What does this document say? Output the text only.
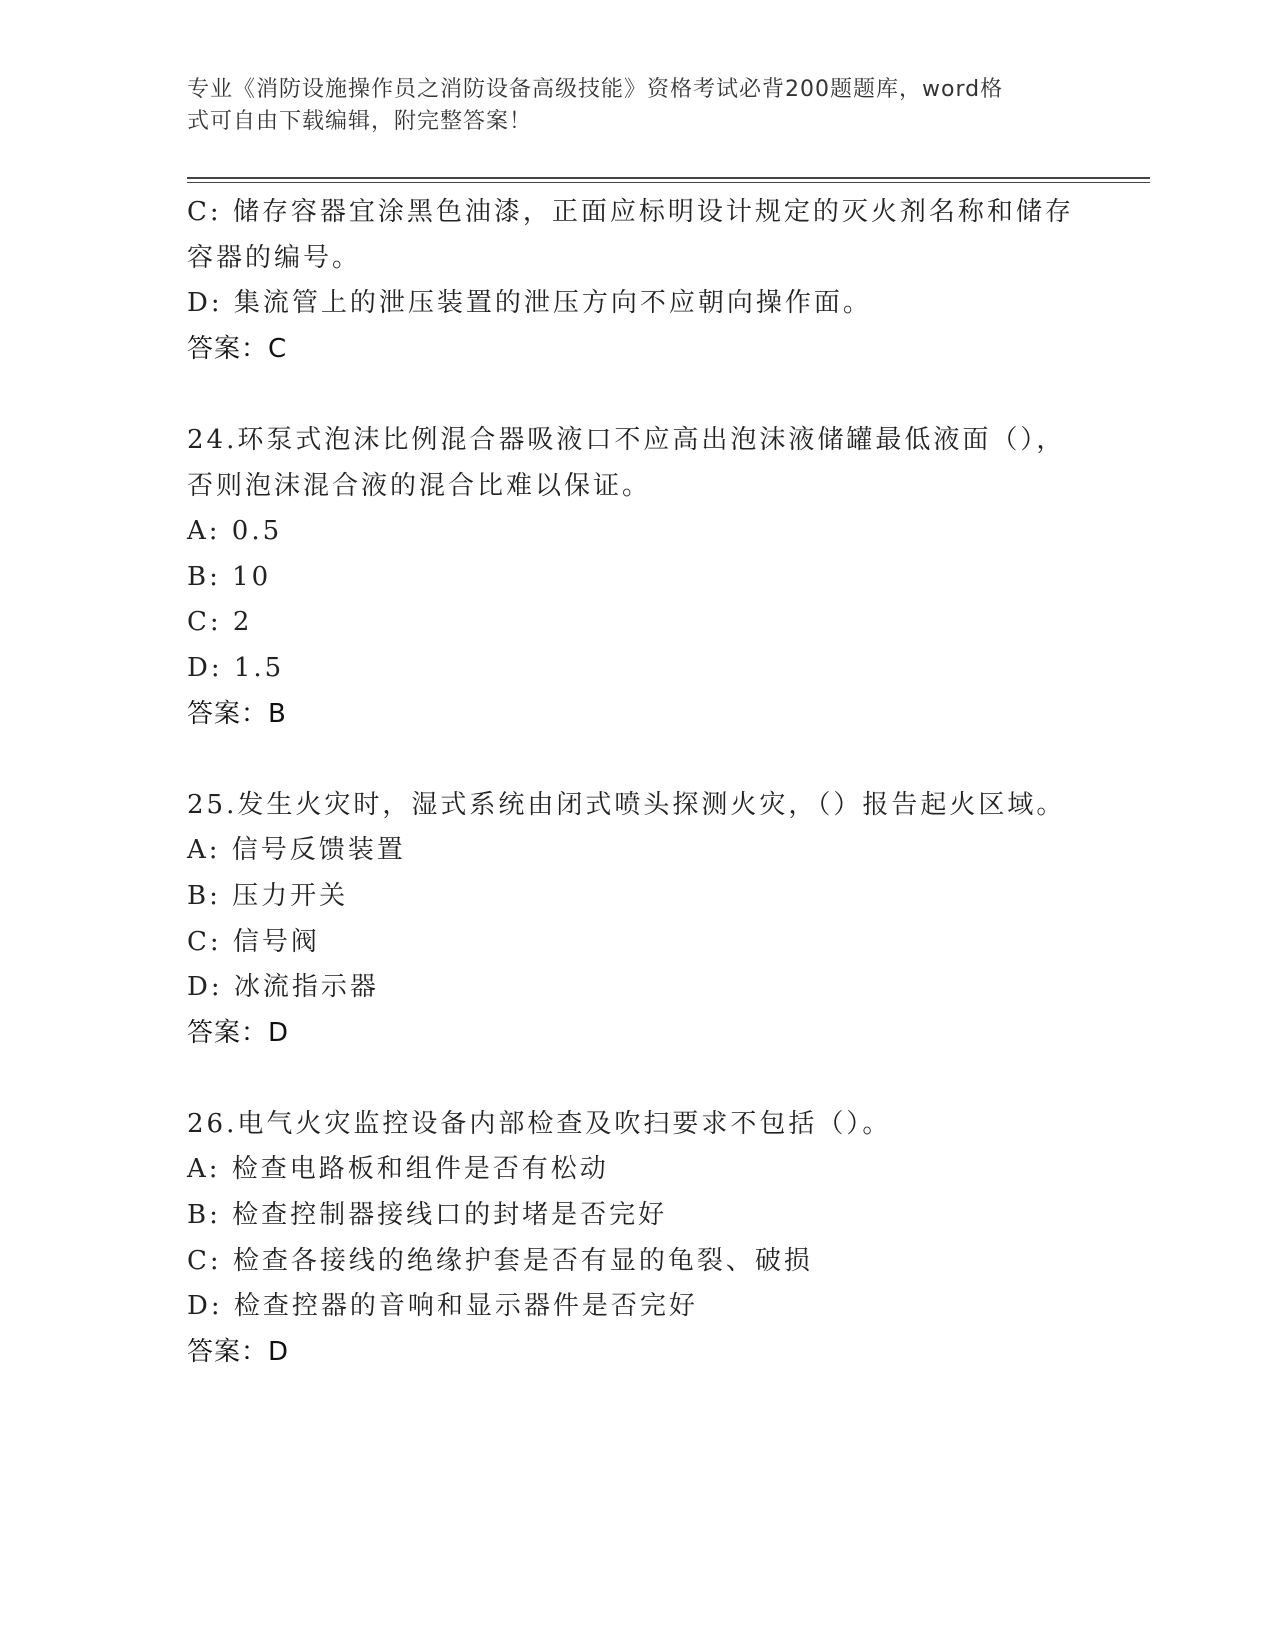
专业《消防设施操作员之消防设备高级技能》资格考试必背200题题库，word格
式可自由下载编辑，附完整答案！
C: 储存容器宜涂黑色油漆，正面应标明设计规定的灭火剂名称和储存
容器的编号。
D: 集流管上的泄压装置的泄压方向不应朝向操作面。
答案：C
24.环泵式泡沫比例混合器吸液口不应高出泡沫液储罐最低液面（），
否则泡沫混合液的混合比难以保证。
A: 0.5
B: 10
C: 2
D: 1.5
答案：B
25.发生火灾时，湿式系统由闭式喷头探测火灾，（）报告起火区域。
A: 信号反馈装置
B: 压力开关
C: 信号阀
D: 冰流指示器
答案：D
26.电气火灾监控设备内部检查及吹扫要求不包括（）。
A: 检查电路板和组件是否有松动
B: 检查控制器接线口的封堵是否完好
C: 检查各接线的绝缘护套是否有显的龟裂、破损
D: 检查控器的音响和显示器件是否完好
答案：D
